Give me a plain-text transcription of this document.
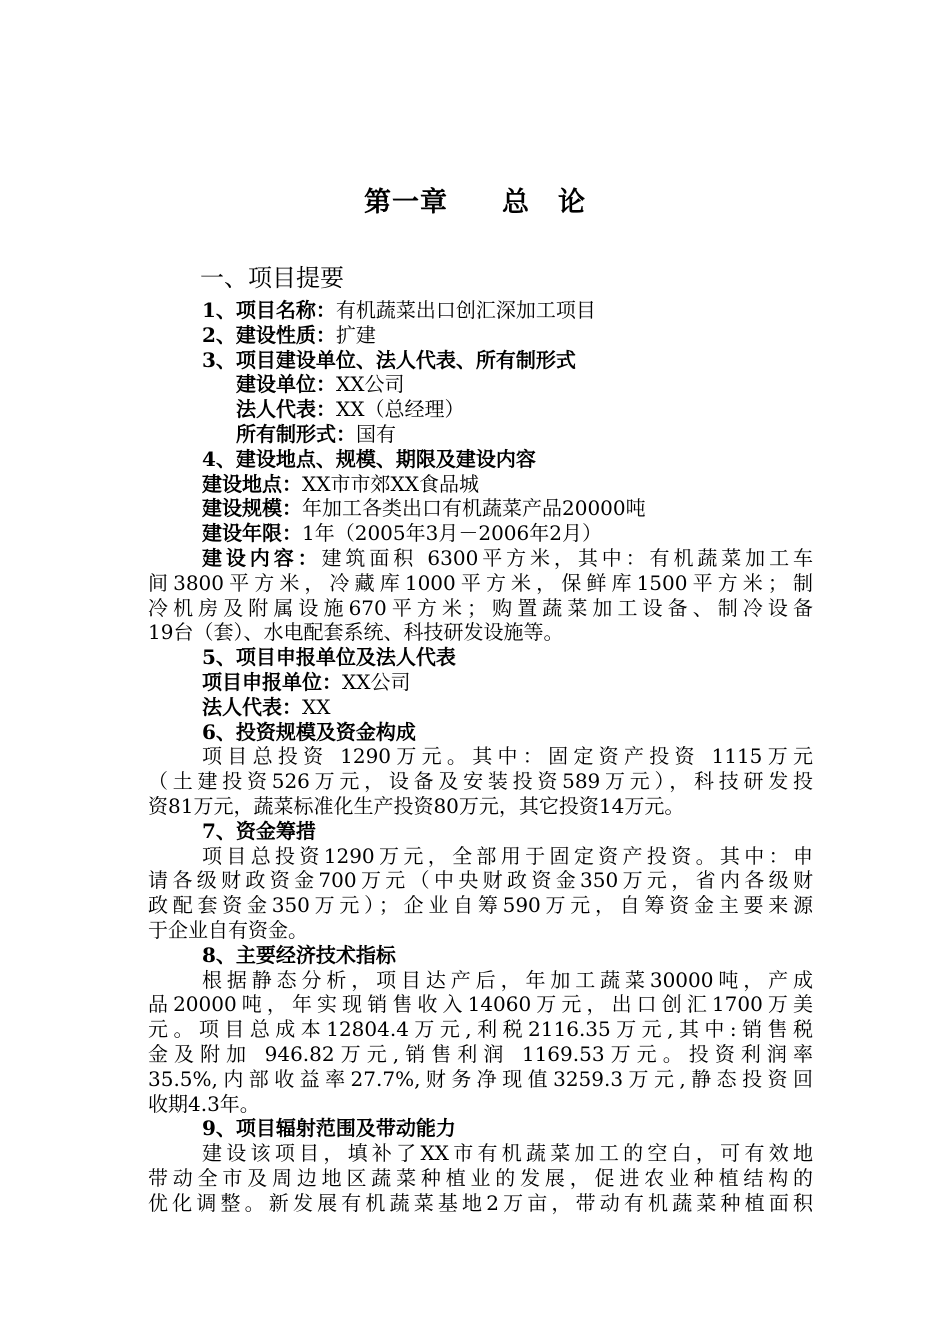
第一章 总　论
一、项目提要
1、项目名称：有机蔬菜出口创汇深加工项目
2、建设性质：扩建
3、项目建设单位、法人代表、所有制形式
建设单位：XX公司
法人代表：XX（总经理）
所有制形式：国有
4、建设地点、规模、期限及建设内容
建设地点：XX市市郊XX食品城
建设规模：年加工各类出口有机蔬菜产品20000吨
建设年限：1年（2005年3月－2006年2月）
建设内容：建筑面积 6300平方米，其中：有机蔬菜加工车
间3800平方米，冷藏库1000平方米，保鲜库1500平方米；制
冷机房及附属设施670平方米；购置蔬菜加工设备、制冷设备
19台（套）、水电配套系统、科技研发设施等。
5、项目申报单位及法人代表
项目申报单位：XX公司
法人代表：XX
6、投资规模及资金构成
项目总投资 1290万元。其中：固定资产投资 1115万元
（土建投资526万元，设备及安装投资589万元），科技研发投
资81万元，蔬菜标准化生产投资80万元，其它投资14万元。
7、资金筹措
项目总投资1290万元，全部用于固定资产投资。其中：申
请各级财政资金700万元（中央财政资金350万元，省内各级财
政配套资金350万元）；企业自筹590万元，自筹资金主要来源
于企业自有资金。
8、主要经济技术指标
根据静态分析，项目达产后，年加工蔬菜30000吨，产成
品20000吨，年实现销售收入14060万元，出口创汇1700万美
元。项目总成本12804.4万元,利税2116.35万元,其中:销售税
金及附加 946.82万元,销售利润 1169.53万元。投资利润率
35.5%,内部收益率27.7%,财务净现值3259.3万元,静态投资回
收期4.3年。
9、项目辐射范围及带动能力
建设该项目，填补了XX市有机蔬菜加工的空白，可有效地
带动全市及周边地区蔬菜种植业的发展，促进农业种植结构的
优化调整。新发展有机蔬菜基地2万亩，带动有机蔬菜种植面积
